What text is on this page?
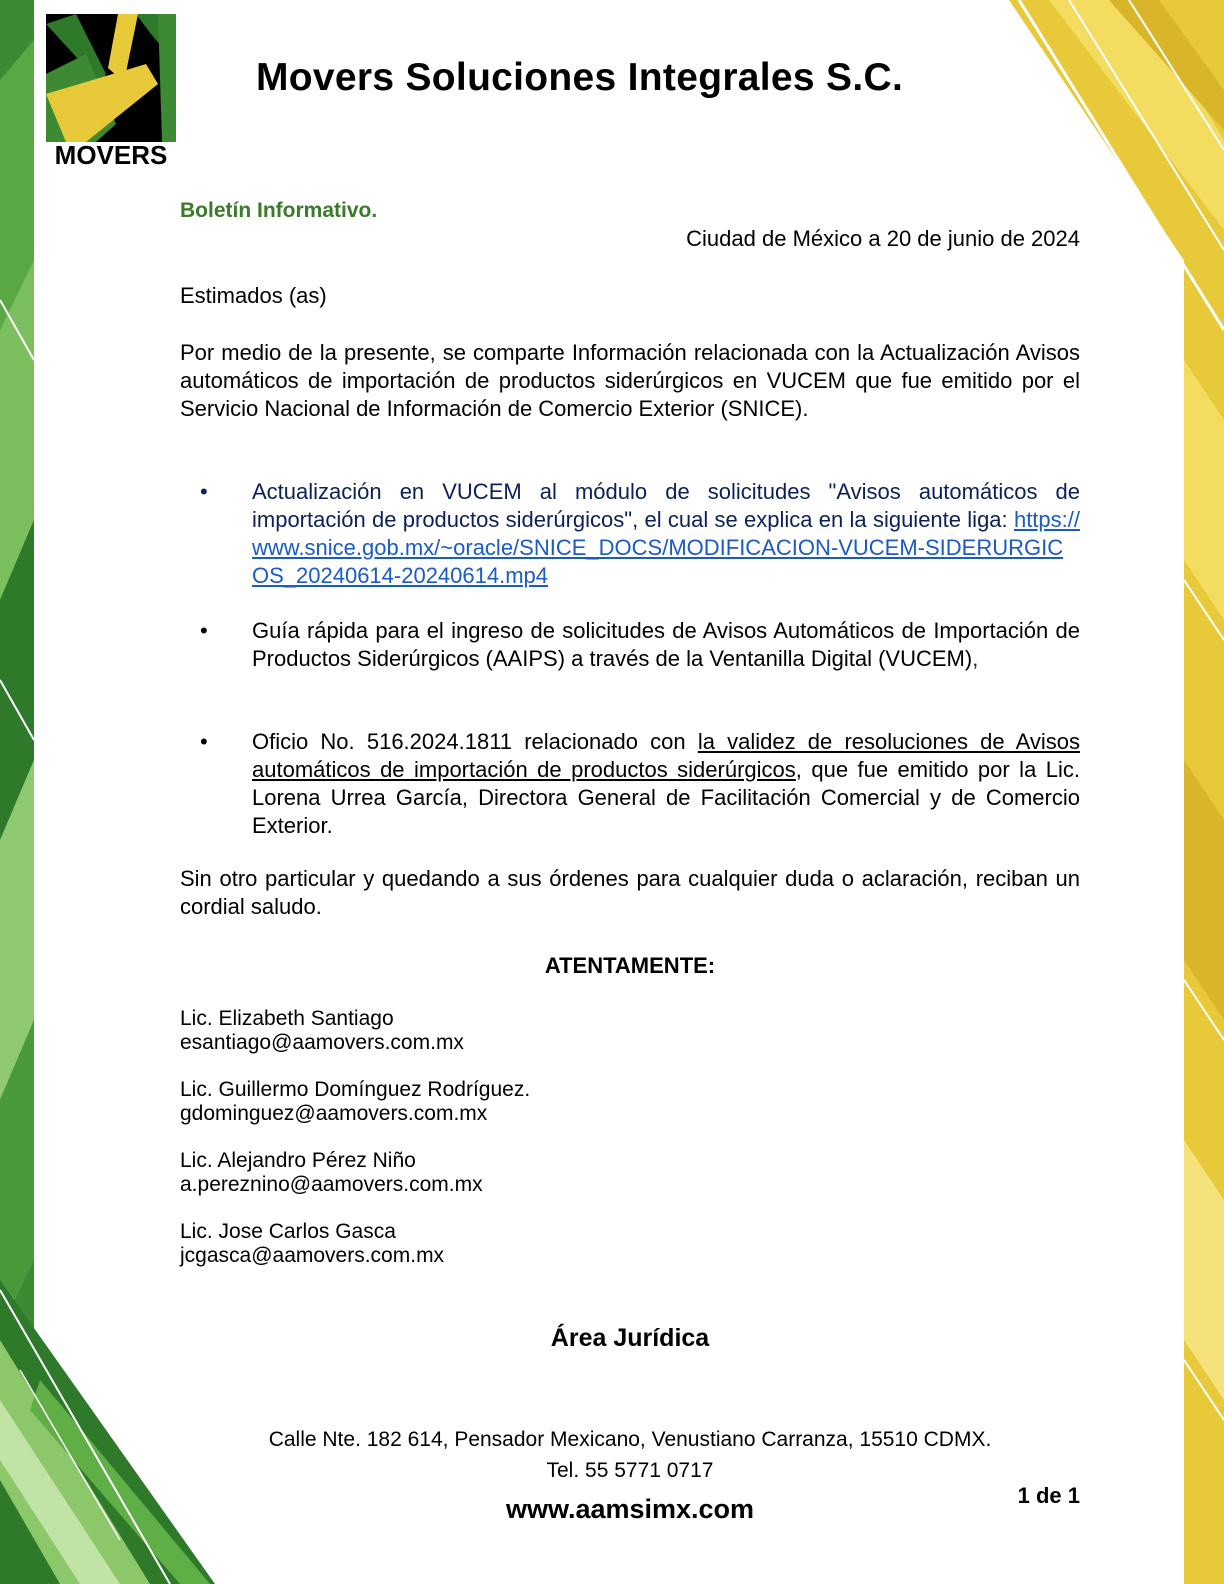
MOVERS
Movers Soluciones Integrales S.C.
Boletín Informativo.
Ciudad de México a 20 de junio de 2024
Estimados (as)
Por medio de la presente, se comparte Información relacionada con la Actualización Avisos automáticos de importación de productos siderúrgicos en VUCEM que fue emitido por el Servicio Nacional de Información de Comercio Exterior (SNICE).
•	Actualización en VUCEM al módulo de solicitudes "Avisos automáticos de importación de productos siderúrgicos", el cual se explica en la siguiente liga: https://www.snice.gob.mx/~oracle/SNICE_DOCS/MODIFICACION-VUCEM-SIDERURGICOS_20240614-20240614.mp4
•	Guía rápida para el ingreso de solicitudes de Avisos Automáticos de Importación de Productos Siderúrgicos (AAIPS) a través de la Ventanilla Digital (VUCEM),
•	Oficio No. 516.2024.1811 relacionado con la validez de resoluciones de Avisos automáticos de importación de productos siderúrgicos, que fue emitido por la Lic. Lorena Urrea García, Directora General de Facilitación Comercial y de Comercio Exterior.
Sin otro particular y quedando a sus órdenes para cualquier duda o aclaración, reciban un cordial saludo.
ATENTAMENTE:
Lic. Elizabeth Santiago
esantiago@aamovers.com.mx
Lic. Guillermo Domínguez Rodríguez.
gdominguez@aamovers.com.mx
Lic. Alejandro Pérez Niño
a.pereznino@aamovers.com.mx
Lic. Jose Carlos Gasca
jcgasca@aamovers.com.mx
Área Jurídica
Calle Nte. 182 614, Pensador Mexicano, Venustiano Carranza, 15510 CDMX.
Tel. 55 5771 0717
www.aamsimx.com	1 de 1
